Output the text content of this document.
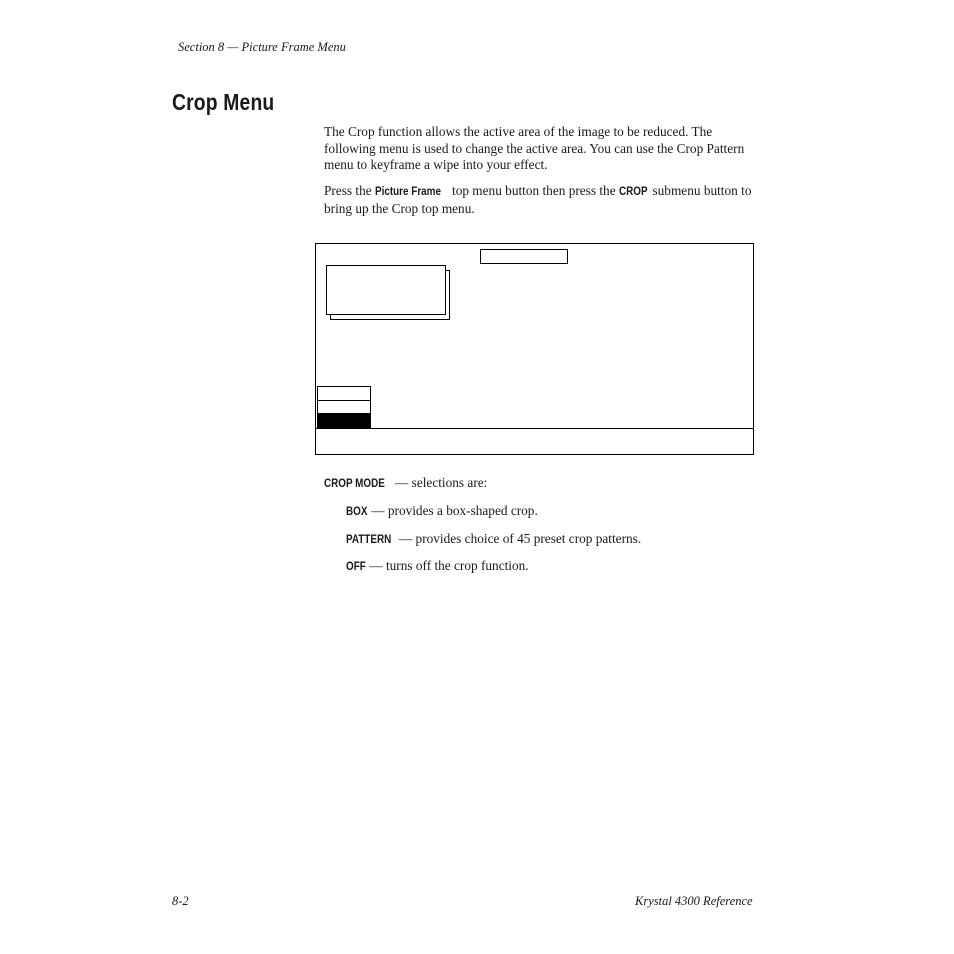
Section 8 — Picture Frame Menu
Crop Menu

The Crop function allows the active area of the image to be reduced. The following menu is used to change the active area. You can use the Crop Pattern menu to keyframe a wipe into your effect.

Press the Picture Frame top menu button then press the CROP submenu button to bring up the Crop top menu.

CROP MODE — selections are:
BOX — provides a box-shaped crop.
PATTERN — provides choice of 45 preset crop patterns.
OFF — turns off the crop function.
8-2	Krystal 4300 Reference
